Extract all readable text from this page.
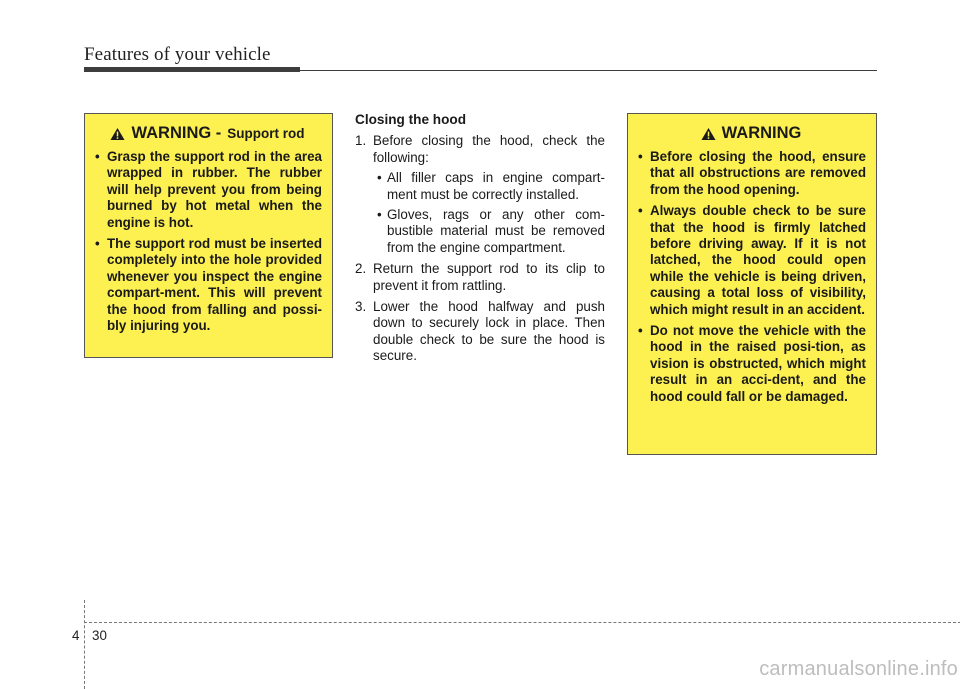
Features of your vehicle
WARNING - Support rod
• Grasp the support rod in the area wrapped in rubber. The rubber will help prevent you from being burned by hot metal when the engine is hot.
• The support rod must be inserted completely into the hole provided whenever you inspect the engine compart-ment. This will prevent the hood from falling and possi-bly injuring you.
Closing the hood
1. Before closing the hood, check the following:
• All filler caps in engine compart-ment must be correctly installed.
• Gloves, rags or any other com-bustible material must be removed from the engine compartment.
2. Return the support rod to its clip to prevent it from rattling.
3. Lower the hood halfway and push down to securely lock in place. Then double check to be sure the hood is secure.
WARNING
• Before closing the hood, ensure that all obstructions are removed from the hood opening.
• Always double check to be sure that the hood is firmly latched before driving away. If it is not latched, the hood could open while the vehicle is being driven, causing a total loss of visibility, which might result in an accident.
• Do not move the vehicle with the hood in the raised posi-tion, as vision is obstructed, which might result in an acci-dent, and the hood could fall or be damaged.
4 30
carmanualsonline.info
